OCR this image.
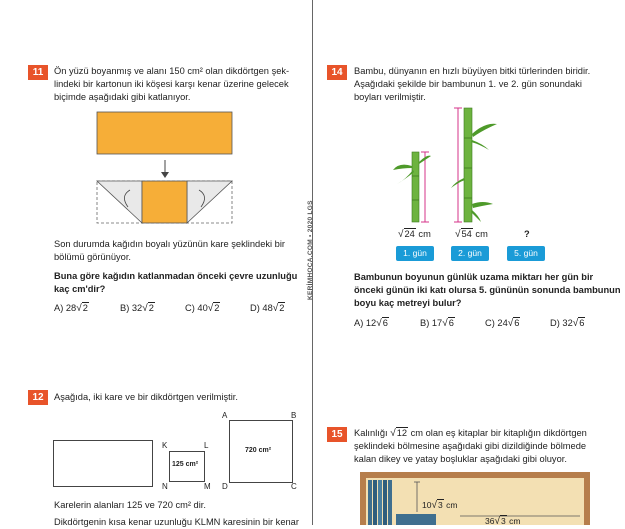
KERİMHOCA.COM • 2020 LGS
11	Ön yüzü boyanmış ve alanı 150 cm² olan dikdörtgen şek-
lindeki bir kartonun iki köşesi karşı kenar üzerine gelecek
biçimde aşağıdaki gibi katlanıyor.
Son durumda kağıdın boyalı yüzünün kare şeklindeki bir
bölümü görünüyor.
Buna göre kağıdın katlanmadan önceki çevre uzunluğu
kaç cm'dir?
A) 28√2	B) 32√2	C) 40√2	D) 48√2
12	Aşağıda, iki kare ve bir dikdörtgen verilmiştir.
125 cm²
K	L
N	M
720 cm²
A	B
D	C
Karelerin alanları 125 ve 720 cm² dir.
Dikdörtgenin kısa kenar uzunluğu KLMN karesinin bir kenar
14	Bambu, dünyanın en hızlı büyüyen bitki türlerinden biridir.
Aşağıdaki şekilde bir bambunun 1. ve 2. gün sonundaki
boyları verilmiştir.
√24 cm √54 cm	?
1. gün	2. gün	5. gün
Bambunun boyunun günlük uzama miktarı her gün bir
önceki günün iki katı olursa 5. gününün sonunda bambunun
boyu kaç metreyi bulur?
A) 12√6	B) 17√6	C) 24√6	D) 32√6
15	Kalınlığı √12 cm olan eş kitaplar bir kitaplığın dikdörtgen
şeklindeki bölmesine aşağıdaki gibi dizildiğinde bölmede
kalan dikey ve yatay boşluklar aşağıdaki gibi oluyor.
10√3 cm
36√3 cm
